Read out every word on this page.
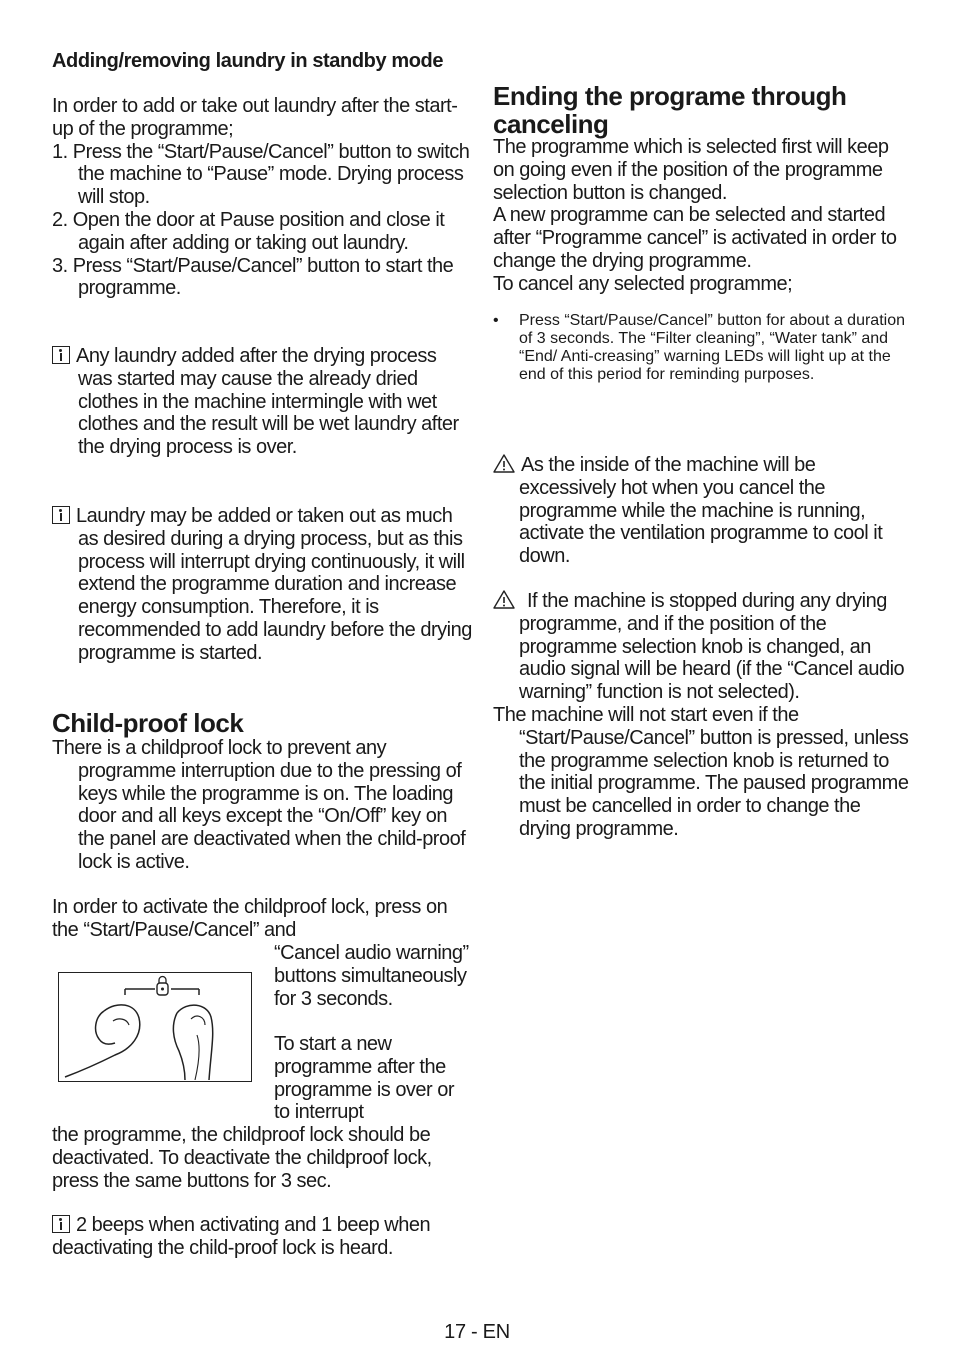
Adding/removing laundry in standby mode

In order to add or take out laundry after the start-up of the programme;

1. Press the “Start/Pause/Cancel” button to switch the machine to “Pause” mode. Drying process will stop.

2. Open the door at Pause position and close it again after adding or taking out laundry.

3. Press “Start/Pause/Cancel” button to start the programme.

Any laundry added after the drying process was started may cause the already dried clothes in the machine intermingle with wet clothes and the result will be wet laundry after the drying process is over.

Laundry may be added or taken out as much as desired during a drying process, but as this process will interrupt drying continuously, it will extend the programme duration and increase energy consumption. Therefore, it is recommended to add laundry before the drying programme is started.

Child-proof lock

There is a childproof lock to prevent any programme interruption due to the pressing of keys while the programme is on. The loading door and all keys except the “On/Off” key on the panel are deactivated when the child-proof lock is active.

In order to activate the childproof lock, press on the “Start/Pause/Cancel” and

“Cancel audio warning” buttons simultaneously for 3 seconds.

To start a new programme after the programme is over or to interrupt

the programme, the childproof lock should be deactivated. To deactivate the childproof lock, press the same buttons for 3 sec.

2 beeps when activating and 1 beep when deactivating the child-proof lock is heard.

Ending the programe through canceling

The programme which is selected first will keep on going even if the position of the programme selection button is changed.

A new programme can be selected and started after “Programme cancel” is activated in order to change the drying programme.

To cancel any selected programme;

• Press “Start/Pause/Cancel” button for about a duration of 3 seconds. The “Filter cleaning”, “Water tank” and “End/ Anti-creasing” warning LEDs will light up at the end of this period for reminding purposes.

As the inside of the machine will be excessively hot when you cancel the programme while the machine is running, activate the ventilation programme to cool it down.

If the machine is stopped during any drying programme, and if the position of the programme selection knob is changed, an audio signal will be heard (if the “Cancel audio warning” function is not selected).

The machine will not start even if the “Start/Pause/Cancel” button is pressed, unless the programme selection knob is returned to the initial programme. The paused programme must be cancelled in order to change the drying programme.

17 - EN
